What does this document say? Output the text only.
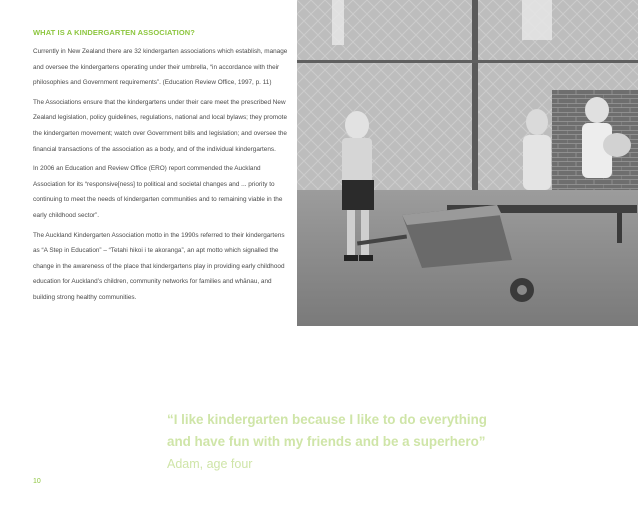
WHAT IS A KINDERGARTEN ASSOCIATION?

Currently in New Zealand there are 32 kindergarten associations which establish, manage and oversee the kindergartens operating under their umbrella, “in accordance with their philosophies and Government requirements”. (Education Review Office, 1997, p. 11)

The Associations ensure that the kindergartens under their care meet the prescribed New Zealand legislation, policy guidelines, regulations, national and local bylaws; they promote the kindergarten movement; watch over Government bills and legislation; and oversee the financial transactions of the association as a body, and of the individual kindergartens.

In 2006 an Education and Review Office (ERO) report commended the Auckland Association for its “responsive[ness] to political and societal changes and ... priority to continuing to meet the needs of kindergarten communities and to remaining viable in the early childhood sector”.

The Auckland Kindergarten Association motto in the 1990s referred to their kindergartens as “A Step in Education” – “Tetahi hikoi i te akoranga”, an apt motto which signalled the change in the awareness of the place that kindergartens play in providing early childhood education for Auckland’s children, community networks for families and whānau, and building strong healthy communities.

“I like kindergarten because I like to do everything

and have fun with my friends and be a superhero”

Adam, age four

10
